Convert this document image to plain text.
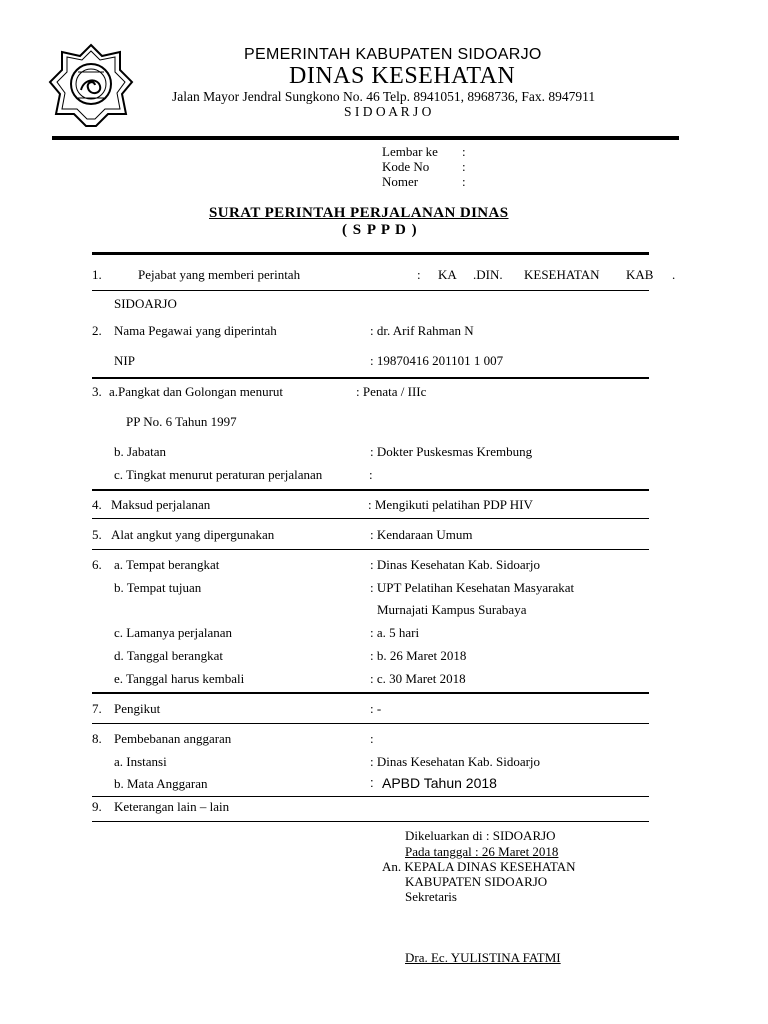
PEMERINTAH KABUPATEN SIDOARJO
DINAS KESEHATAN
Jalan Mayor Jendral Sungkono No. 46 Telp. 8941051, 8968736, Fax. 8947911
S I D O A R J O
Lembar ke :
Kode No	:
Nomer	:
SURAT PERINTAH PERJALANAN DINAS
( S P P D )
1.	Pejabat yang memberi perintah	: KA .DIN. KESEHATAN KAB .
SIDOARJO
2. Nama Pegawai yang diperintah	: dr. Arif Rahman N
NIP	: 19870416 201101 1 007
3. a.Pangkat dan Golongan menurut	: Penata / IIIc
PP No. 6 Tahun 1997
b. Jabatan	: Dokter Puskesmas Krembung
c. Tingkat menurut peraturan perjalanan	:
4. Maksud perjalanan	: Mengikuti pelatihan PDP HIV
5. Alat angkut yang dipergunakan	: Kendaraan Umum
6. a. Tempat berangkat	: Dinas Kesehatan Kab. Sidoarjo
b. Tempat tujuan	: UPT Pelatihan Kesehatan Masyarakat
Murnajati Kampus Surabaya
c. Lamanya perjalanan	: a. 5 hari
d. Tanggal berangkat	: b. 26 Maret 2018
e. Tanggal harus kembali	: c. 30 Maret 2018
7. Pengikut	: -
8. Pembebanan anggaran	:
a. Instansi	: Dinas Kesehatan Kab. Sidoarjo
b. Mata Anggaran	: APBD Tahun 2018
9. Keterangan lain – lain
Dikeluarkan di : SIDOARJO
Pada tanggal : 26 Maret 2018
An. KEPALA DINAS KESEHATAN
KABUPATEN SIDOARJO
Sekretaris
Dra. Ec. YULISTINA FATMI
